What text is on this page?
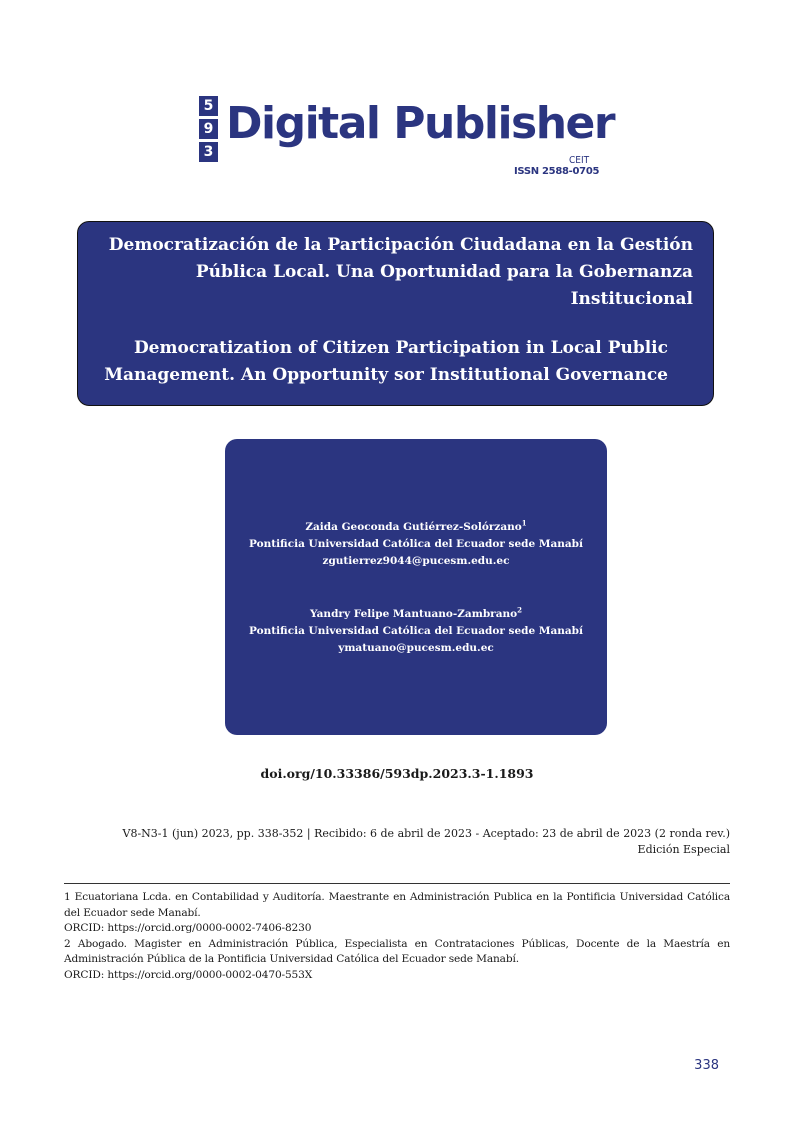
5
9
3
Digital Publisher
CEIT
ISSN 2588-0705
Democratización de la Participación Ciudadana en la Gestión
Pública Local. Una Oportunidad para la Gobernanza
Institucional
Democratization of Citizen Participation in Local Public
Management. An Opportunity sor Institutional Governance
Zaida Geoconda Gutiérrez-Solórzano$^1$
Pontificia Universidad Católica del Ecuador sede Manabí
zgutierrez9044@pucesm.edu.ec
Yandry Felipe Mantuano-Zambrano$^2$
Pontificia Universidad Católica del Ecuador sede Manabí
ymatuano@pucesm.edu.ec
doi.org/10.33386/593dp.2023.3-1.1893
V8-N3-1 (jun) 2023, pp. 338-352 | Recibido: 6 de abril de 2023 - Aceptado: 23 de abril de 2023 (2 ronda rev.)
Edición Especial

1 Ecuatoriana Lcda. en Contabilidad y Auditoría. Maestrante en Administración Publica en la Pontificia Universidad Católica del Ecuador sede Manabí.

ORCID: https://orcid.org/0000-0002-7406-8230

2 Abogado. Magister en Administración Pública, Especialista en Contrataciones Públicas, Docente de la Maestría en Administración Pública de la Pontificia Universidad Católica del Ecuador sede Manabí.

ORCID: https://orcid.org/0000-0002-0470-553X

338
